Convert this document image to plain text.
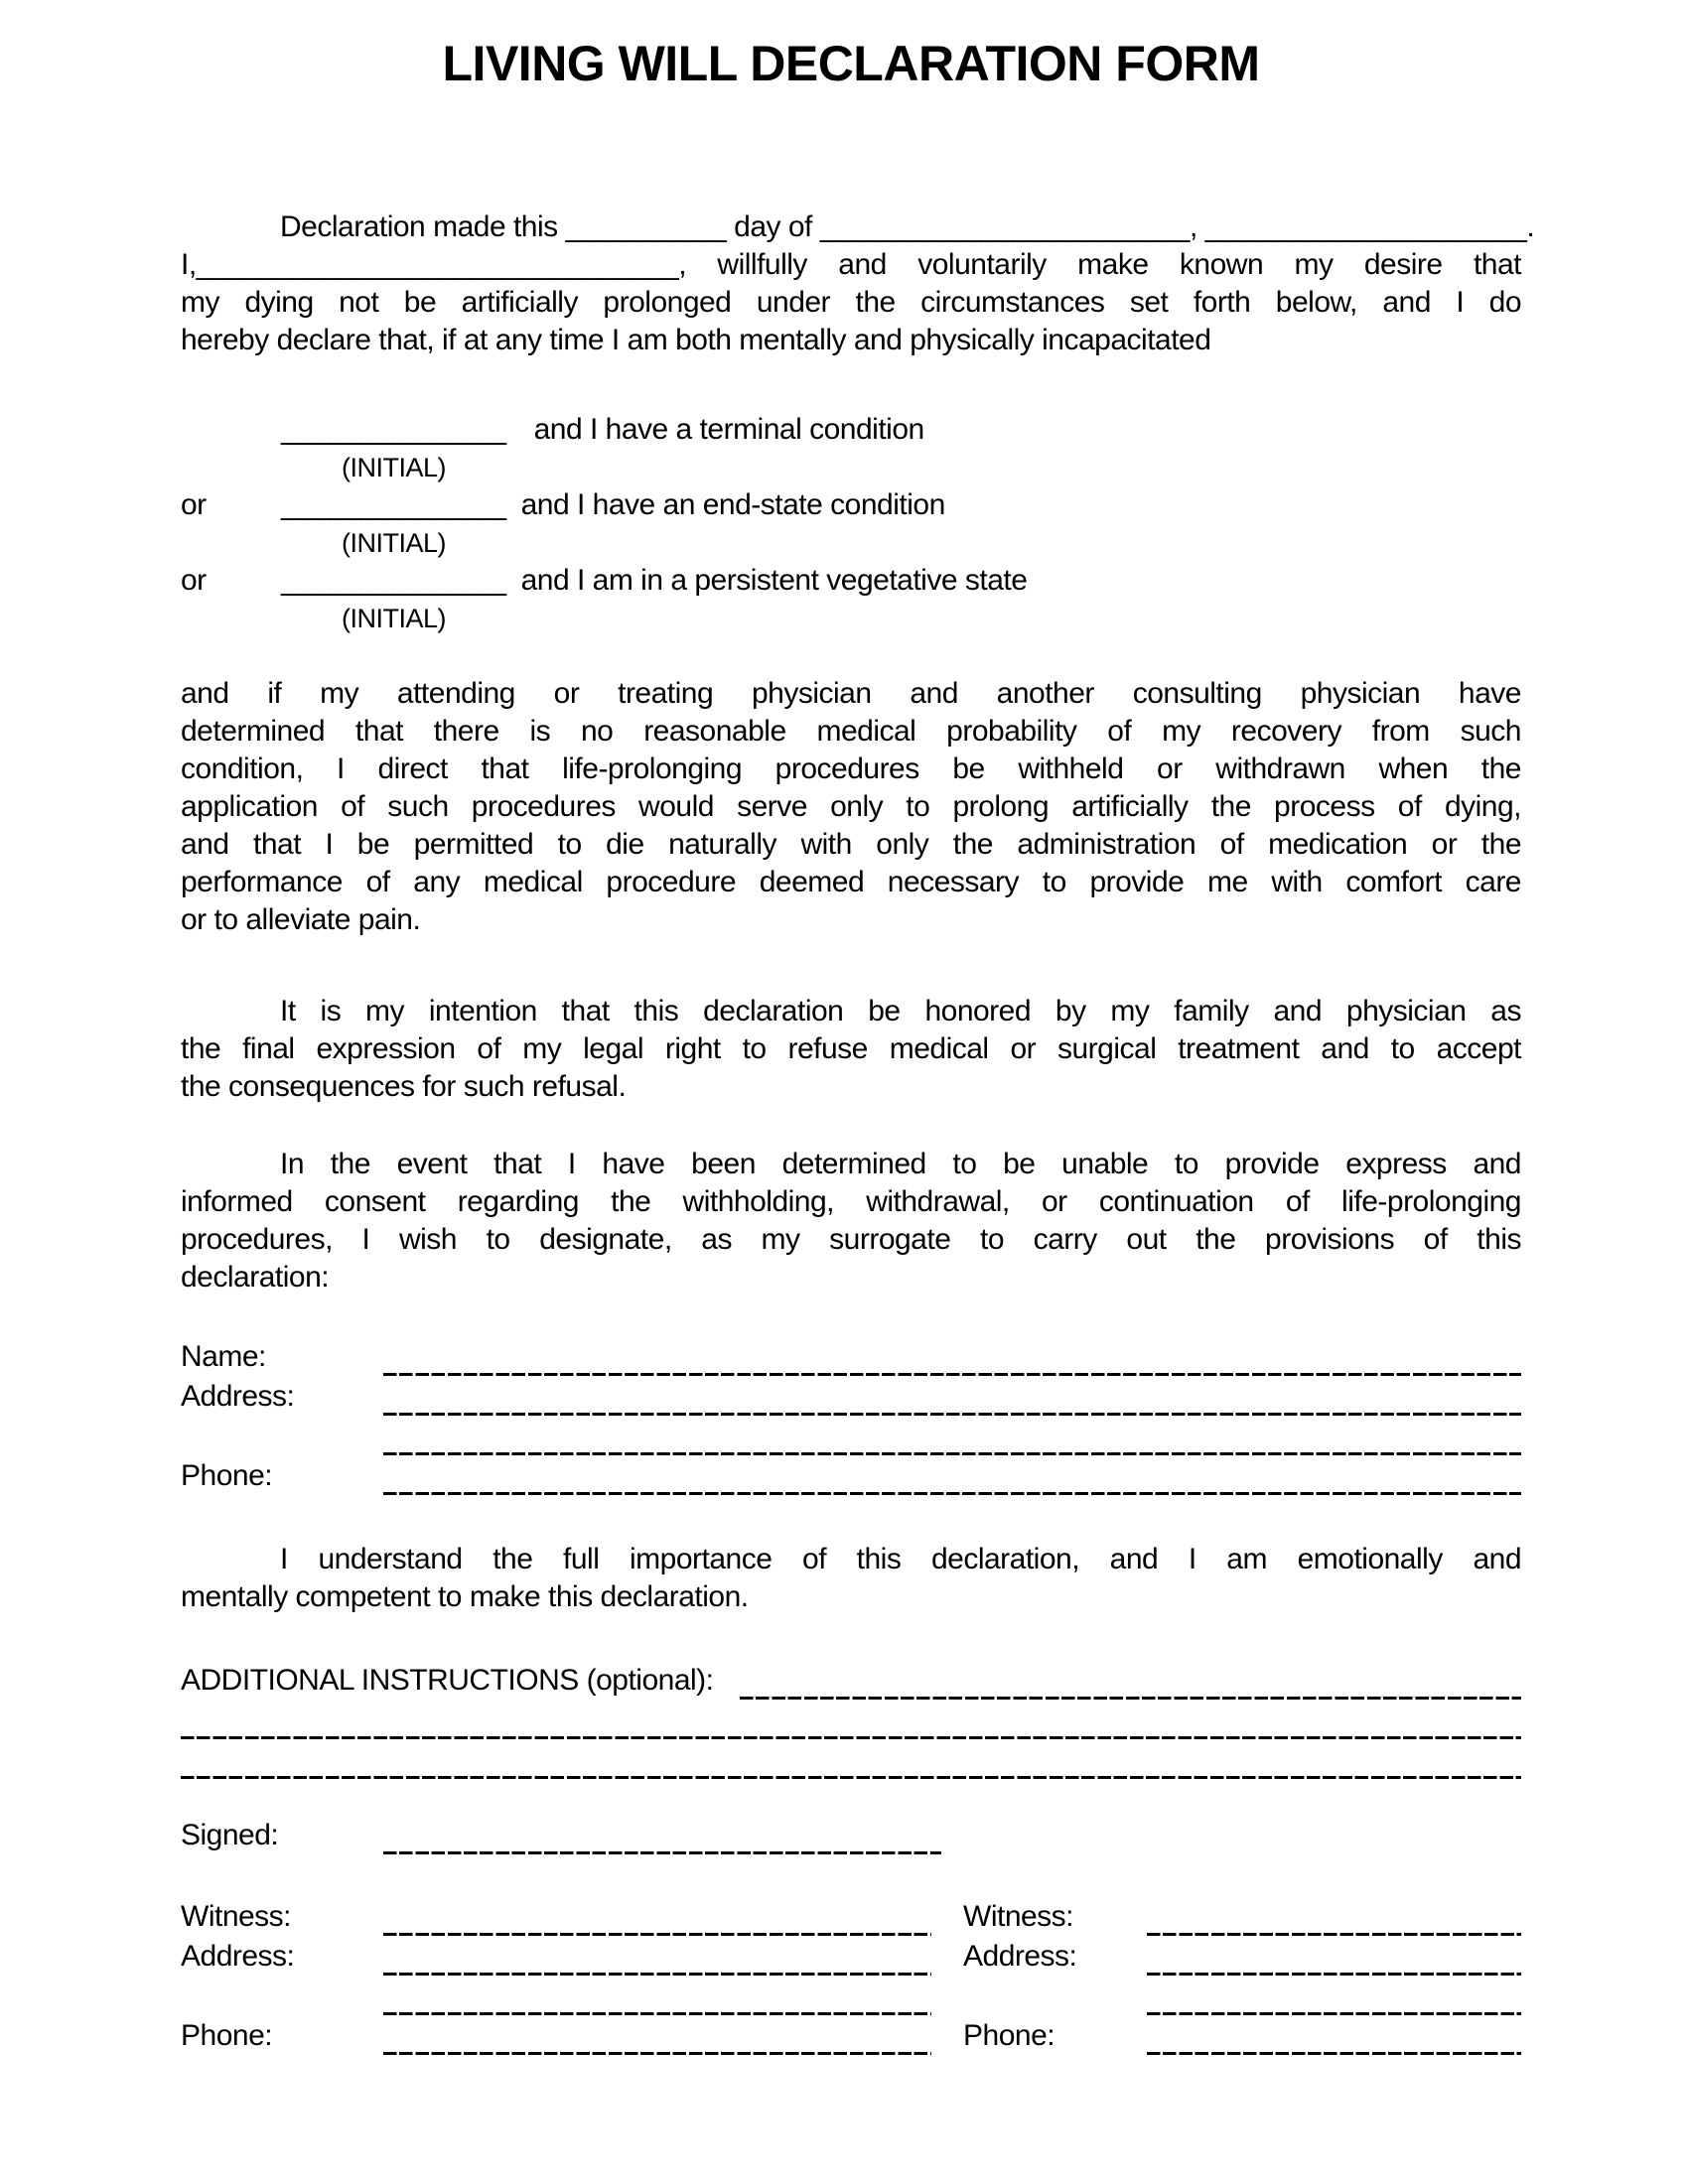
LIVING WILL DECLARATION FORM
Declaration made this __________ day of _______________________, ____________________.
I,______________________________, willfully and voluntarily make known my desire that
my dying not be artificially prolonged under the circumstances set forth below, and I do
hereby declare that, if at any time I am both mentally and physically incapacitated
______________ and I have a terminal condition
(INITIAL)
or	______________ and I have an end-state condition
(INITIAL)
or	______________ and I am in a persistent vegetative state
(INITIAL)
and if my attending or treating physician and another consulting physician have
determined that there is no reasonable medical probability of my recovery from such
condition, I direct that life-prolonging procedures be withheld or withdrawn when the
application of such procedures would serve only to prolong artificially the process of dying,
and that I be permitted to die naturally with only the administration of medication or the
performance of any medical procedure deemed necessary to provide me with comfort care
or to alleviate pain.
It is my intention that this declaration be honored by my family and physician as
the final expression of my legal right to refuse medical or surgical treatment and to accept
the consequences for such refusal.
In the event that I have been determined to be unable to provide express and
informed consent regarding the withholding, withdrawal, or continuation of life-prolonging
procedures, I wish to designate, as my surrogate to carry out the provisions of this
declaration:
Name:
Address:
Phone:
I understand the full importance of this declaration, and I am emotionally and
mentally competent to make this declaration.
ADDITIONAL INSTRUCTIONS (optional):
Signed:
Witness:
Address:
Phone:
Witness:
Address:
Phone:
